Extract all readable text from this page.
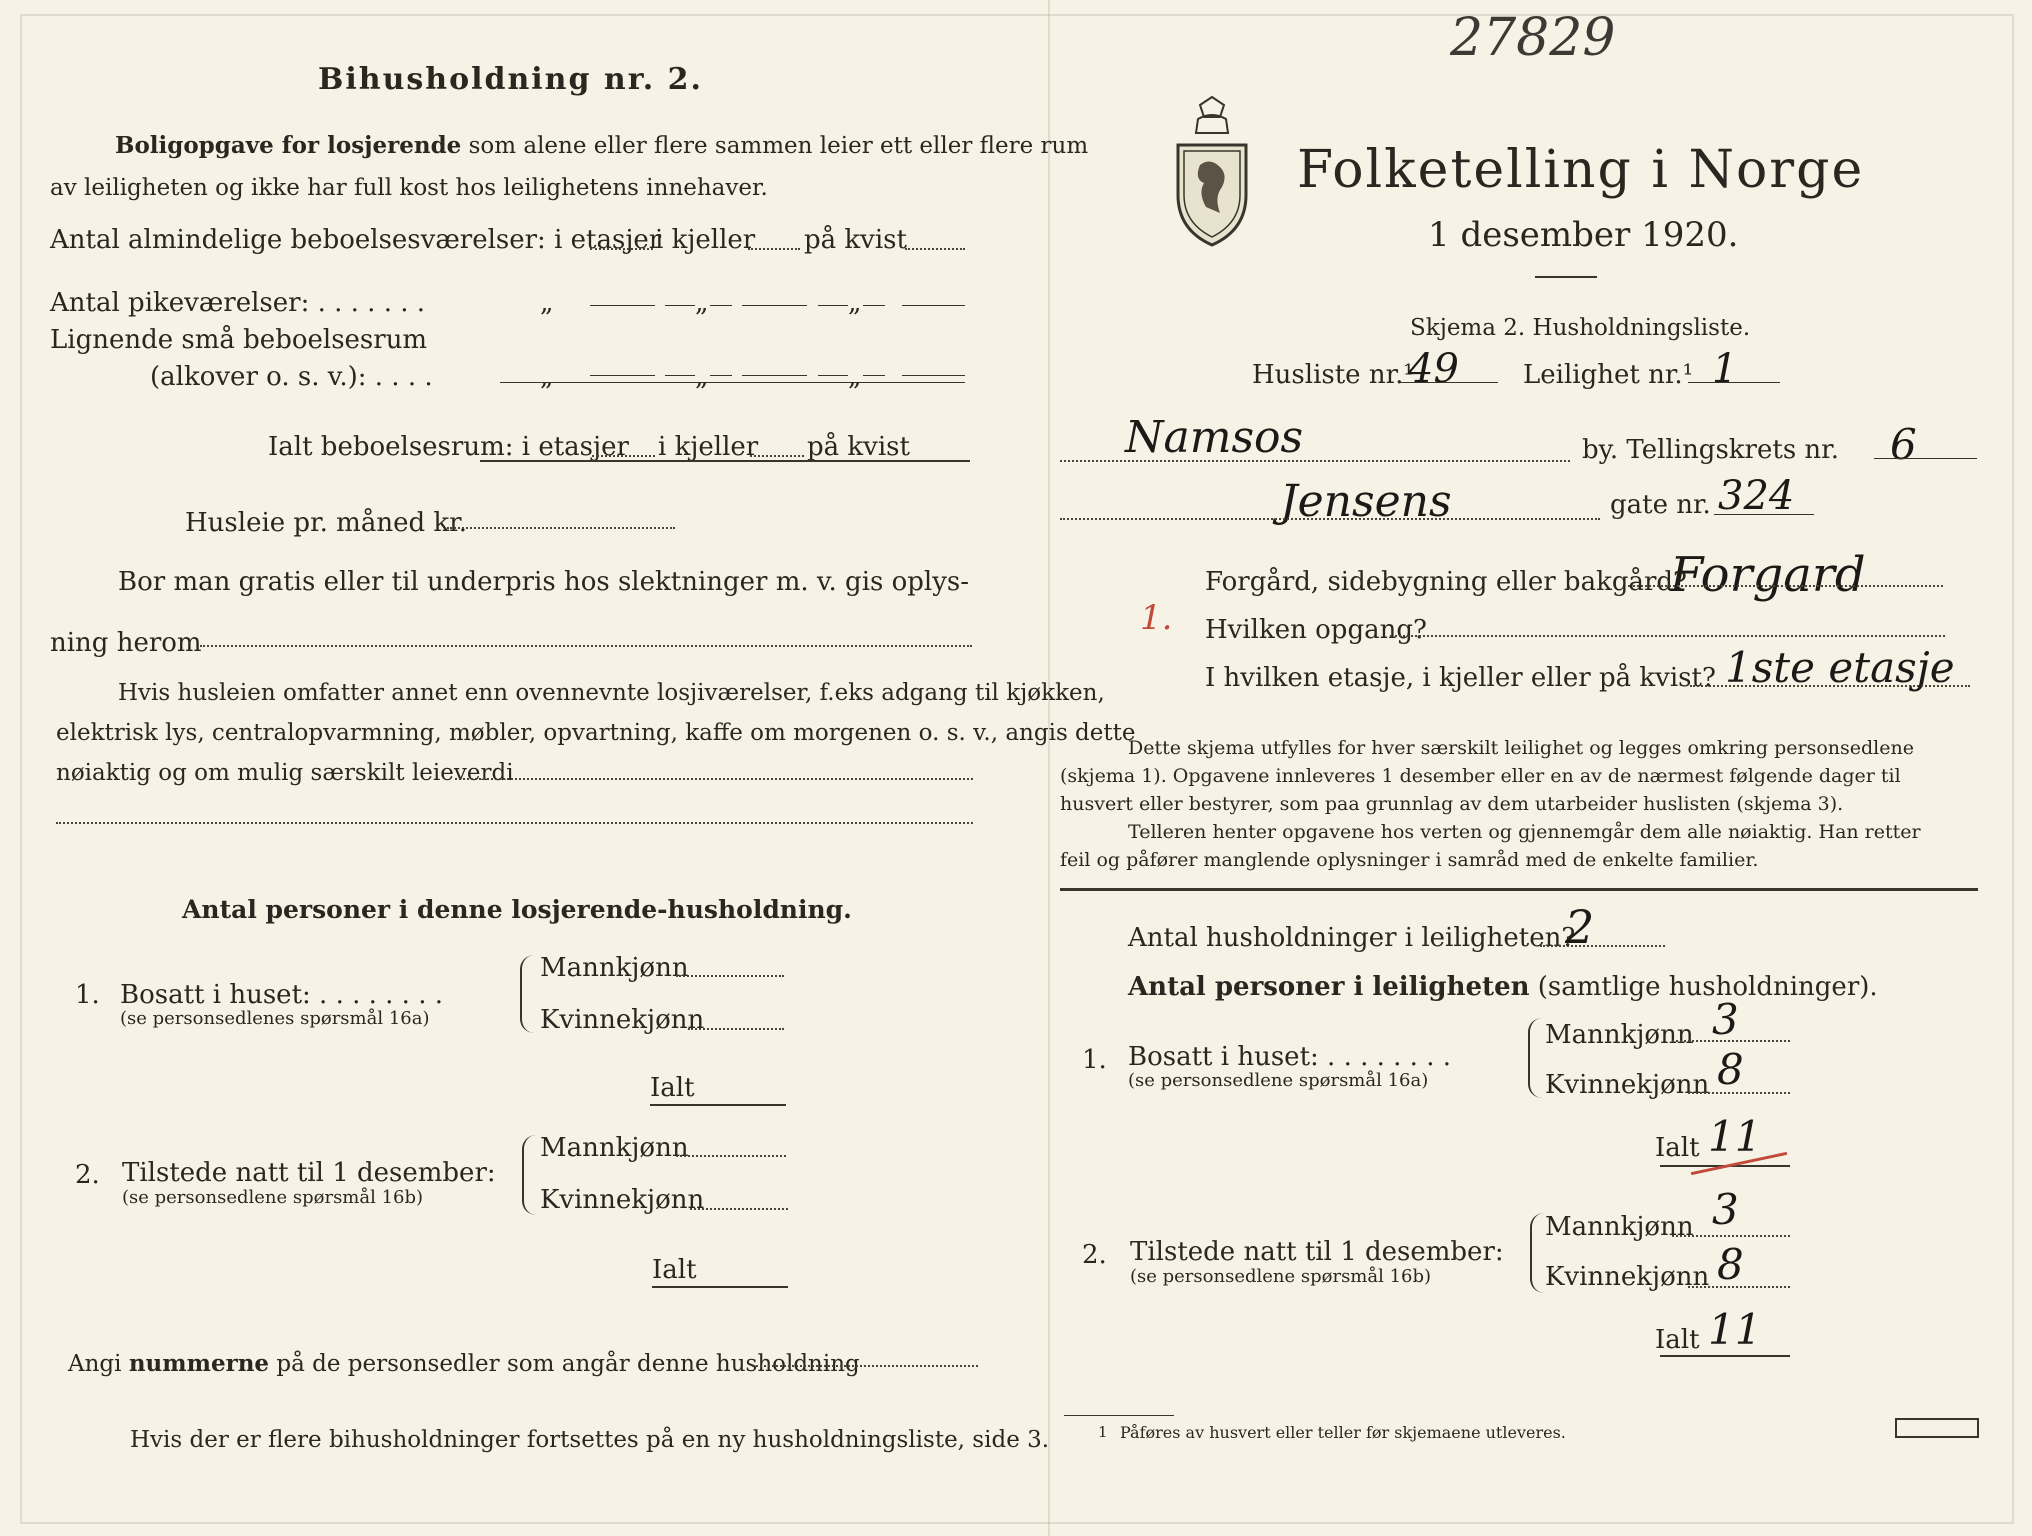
27829
Bihusholdning nr. 2.
Boligopgave for losjerende som alene eller flere sammen leier ett eller flere rum
av leiligheten og ikke har full kost hos leilighetens innehaver.
Antal almindelige beboelsesværelser: i etasjer
i kjeller på kvist
Antal pikeværelser: . . . . . . .	„	„	„
Lignende små beboelsesrum
(alkover o. s. v.): . . . .	„	„	„
Ialt beboelsesrum: i etasjer i kjeller på kvist
Husleie pr. måned kr.
Bor man gratis eller til underpris hos slektninger m. v. gis oplys-
ning herom
Hvis husleien omfatter annet enn ovennevnte losjiværelser, f.eks adgang til kjøkken,
elektrisk lys, centralopvarmning, møbler, opvartning, kaffe om morgenen o. s. v., angis dette
nøiaktig og om mulig særskilt leieverdi
Antal personer i denne losjerende-husholdning.
1. Bosatt i huset: . . . . . . . .
(se personsedlenes spørsmål 16a)
Mannkjønn
Kvinnekjønn
Ialt
2. Tilstede natt til 1 desember:
(se personsedlene spørsmål 16b)
Mannkjønn
Kvinnekjønn
Ialt
Angi nummerne på de personsedler som angår denne husholdning
Hvis der er flere bihusholdninger fortsettes på en ny husholdningsliste, side 3.
Folketelling i Norge
1 desember 1920.
Skjema 2. Husholdningsliste.
Husliste nr.¹
49 Leilighet nr.¹ 1
Namsos	by. Tellingskrets nr. 6
Jensens	gate nr. 324
Forgård, sidebygning eller bakgård?
Forgard
1. Hvilken opgang?
I hvilken etasje, i kjeller eller på kvist? 1ste etasje
Dette skjema utfylles for hver særskilt leilighet og legges omkring personsedlene
(skjema 1). Opgavene innleveres 1 desember eller en av de nærmest følgende dager til
husvert eller bestyrer, som paa grunnlag av dem utarbeider huslisten (skjema 3).
Telleren henter opgavene hos verten og gjennemgår dem alle nøiaktig. Han retter
feil og påfører manglende oplysninger i samråd med de enkelte familier.
Antal husholdninger i leiligheten?
2
Antal personer i leiligheten (samtlige husholdninger).
1. Bosatt i huset: . . . . . . . .
(se personsedlene spørsmål 16a)
Mannkjønn 3
Kvinnekjønn 8
Ialt 11
2. Tilstede natt til 1 desember:
(se personsedlene spørsmål 16b)
Mannkjønn 3
Kvinnekjønn 8
Ialt 11
1 Påføres av husvert eller teller før skjemaene utleveres.
